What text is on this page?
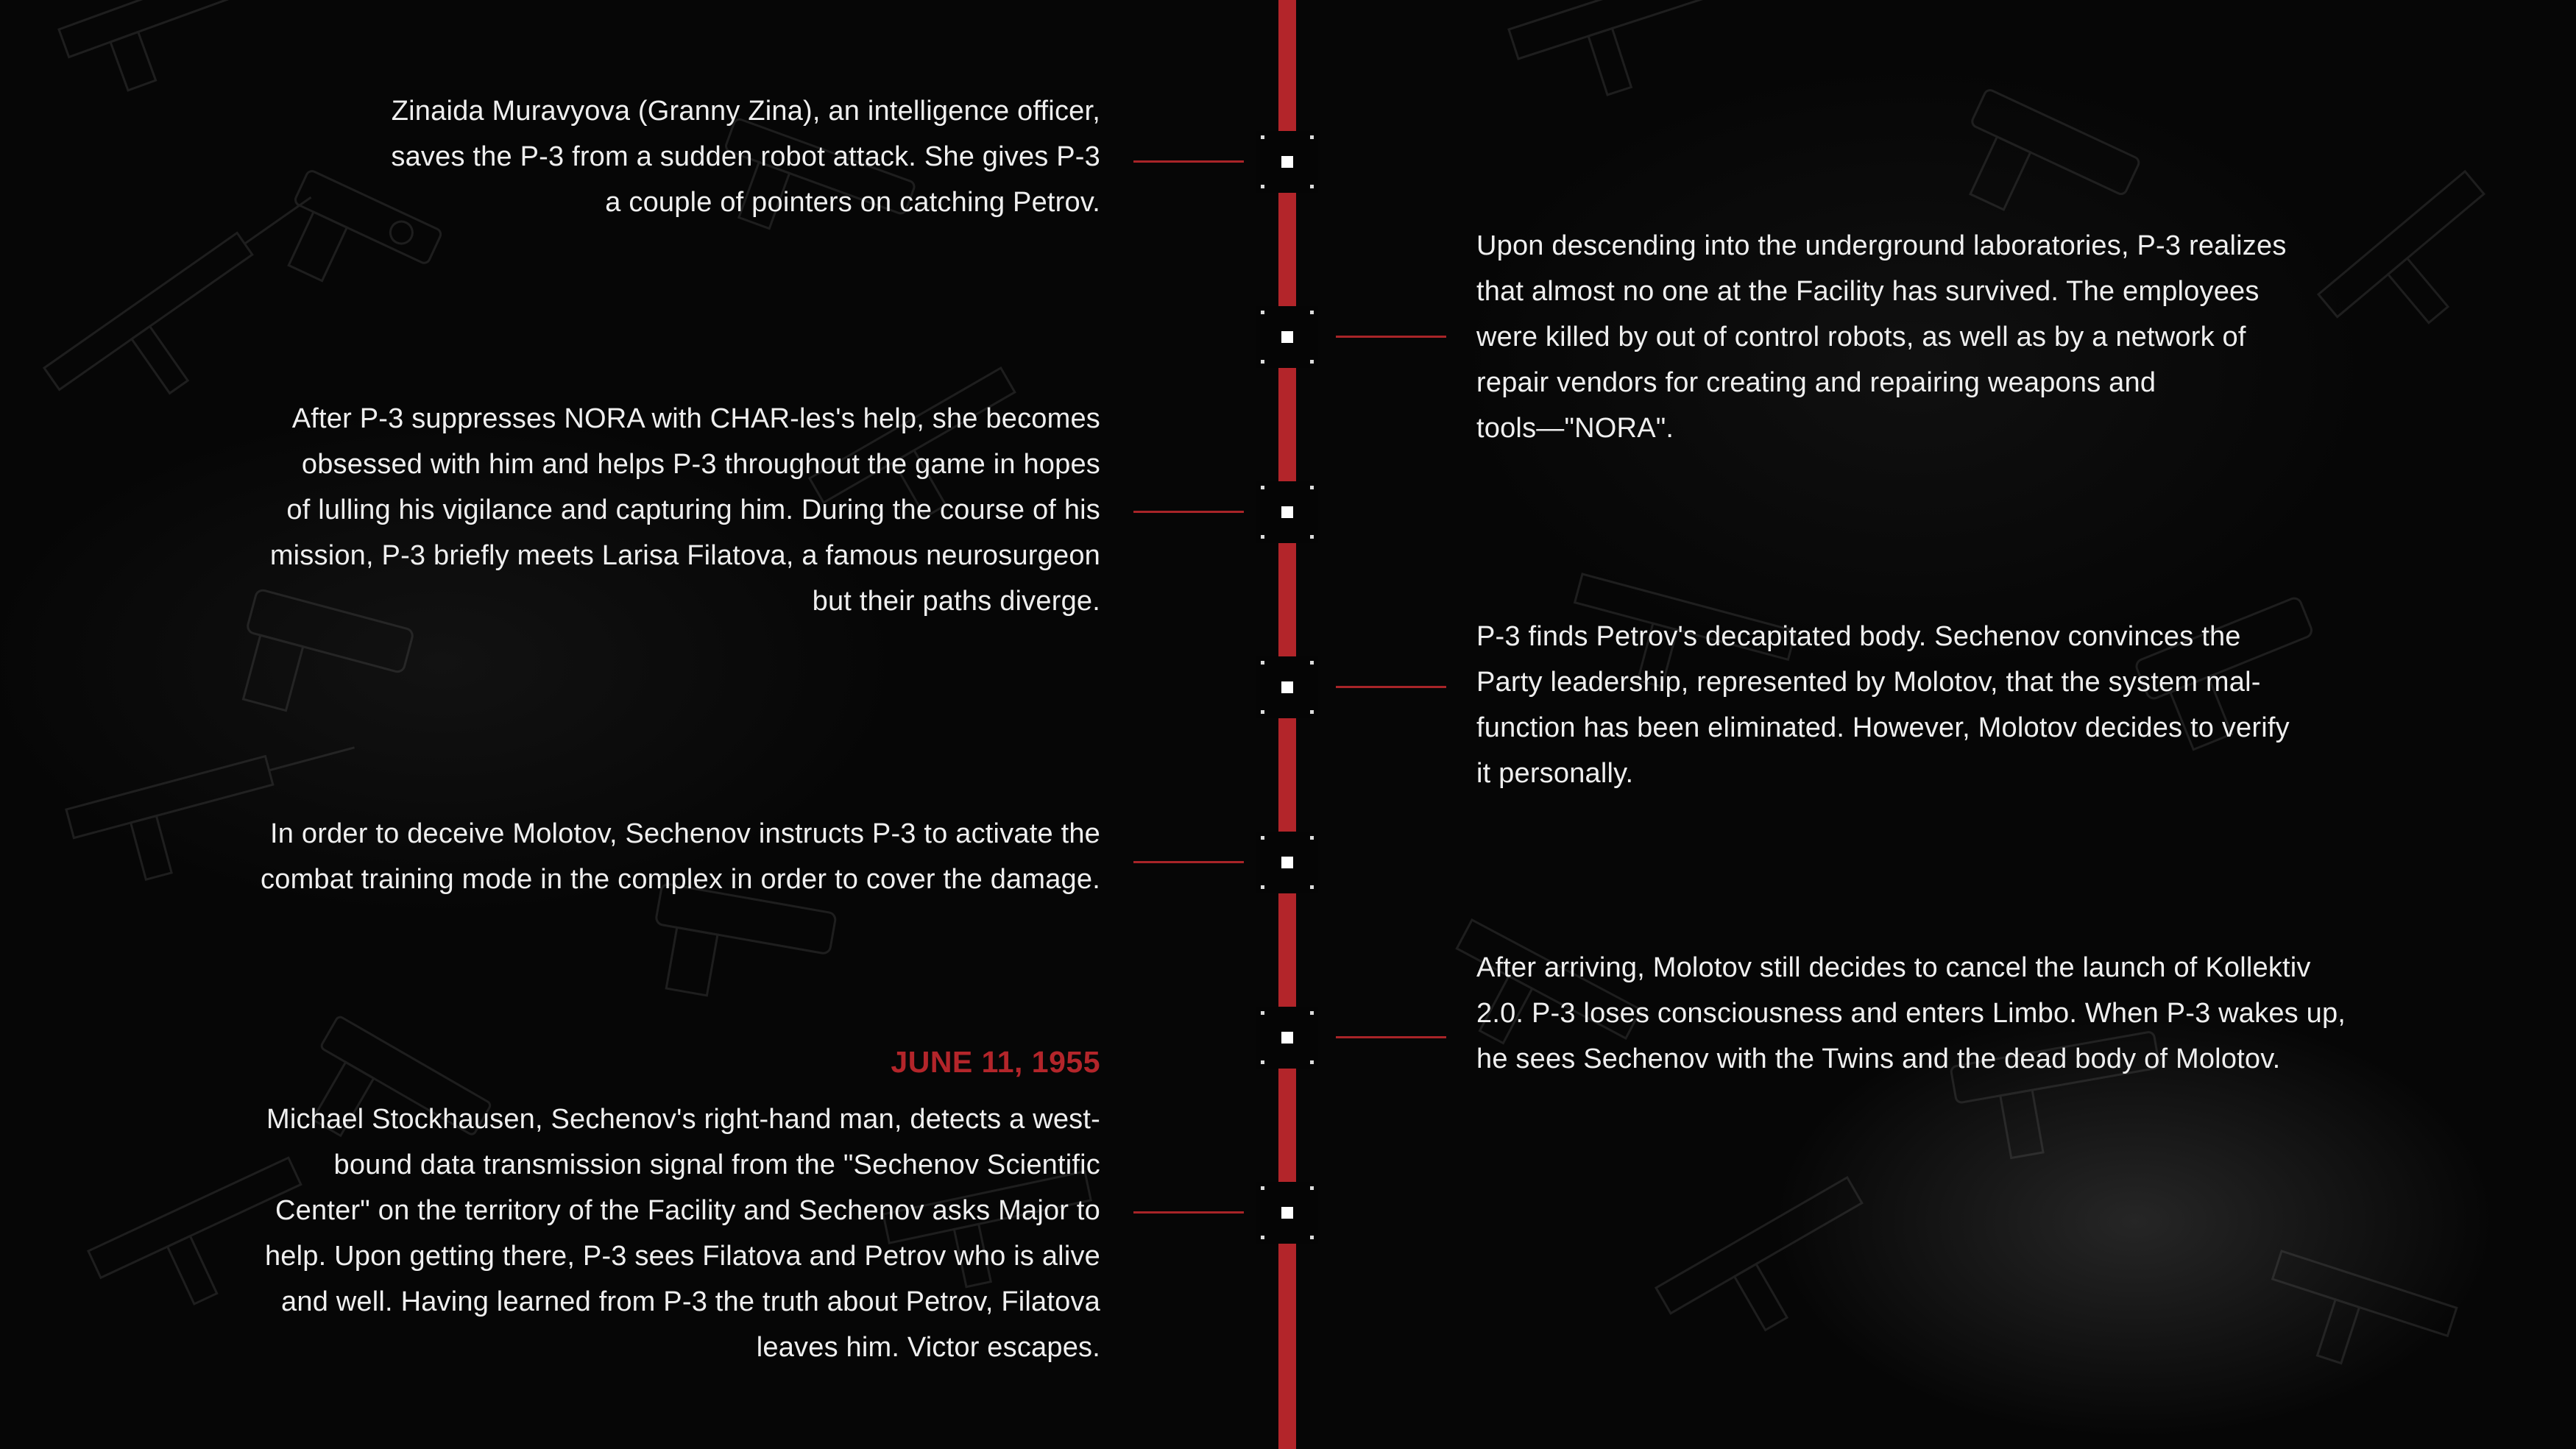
Zinaida Muravyova (Granny Zina), an intelligence officer,

saves the P-3 from a sudden robot attack. She gives P-3

a couple of pointers on catching Petrov.

After P-3 suppresses NORA with CHAR-les's help, she becomes

obsessed with him and helps P-3 throughout the game in hopes

of lulling his vigilance and capturing him. During the course of his

mission, P-3 briefly meets Larisa Filatova, a famous neurosurgeon

but their paths diverge.

In order to deceive Molotov, Sechenov instructs P-3 to activate the

combat training mode in the complex in order to cover the damage.

JUNE 11, 1955

Michael Stockhausen, Sechenov's right-hand man, detects a west-

bound data transmission signal from the "Sechenov Scientific

Center" on the territory of the Facility and Sechenov asks Major to

help. Upon getting there, P-3 sees Filatova and Petrov who is alive

and well. Having learned from P-3 the truth about Petrov, Filatova

leaves him. Victor escapes.

Upon descending into the underground laboratories, P-3 realizes

that almost no one at the Facility has survived. The employees

were killed by out of control robots, as well as by a network of

repair vendors for creating and repairing weapons and

tools—"NORA".

P-3 finds Petrov's decapitated body. Sechenov convinces the

Party leadership, represented by Molotov, that the system mal-

function has been eliminated. However, Molotov decides to verify

it personally.

After arriving, Molotov still decides to cancel the launch of Kollektiv

2.0. P-3 loses consciousness and enters Limbo. When P-3 wakes up,

he sees Sechenov with the Twins and the dead body of Molotov.
